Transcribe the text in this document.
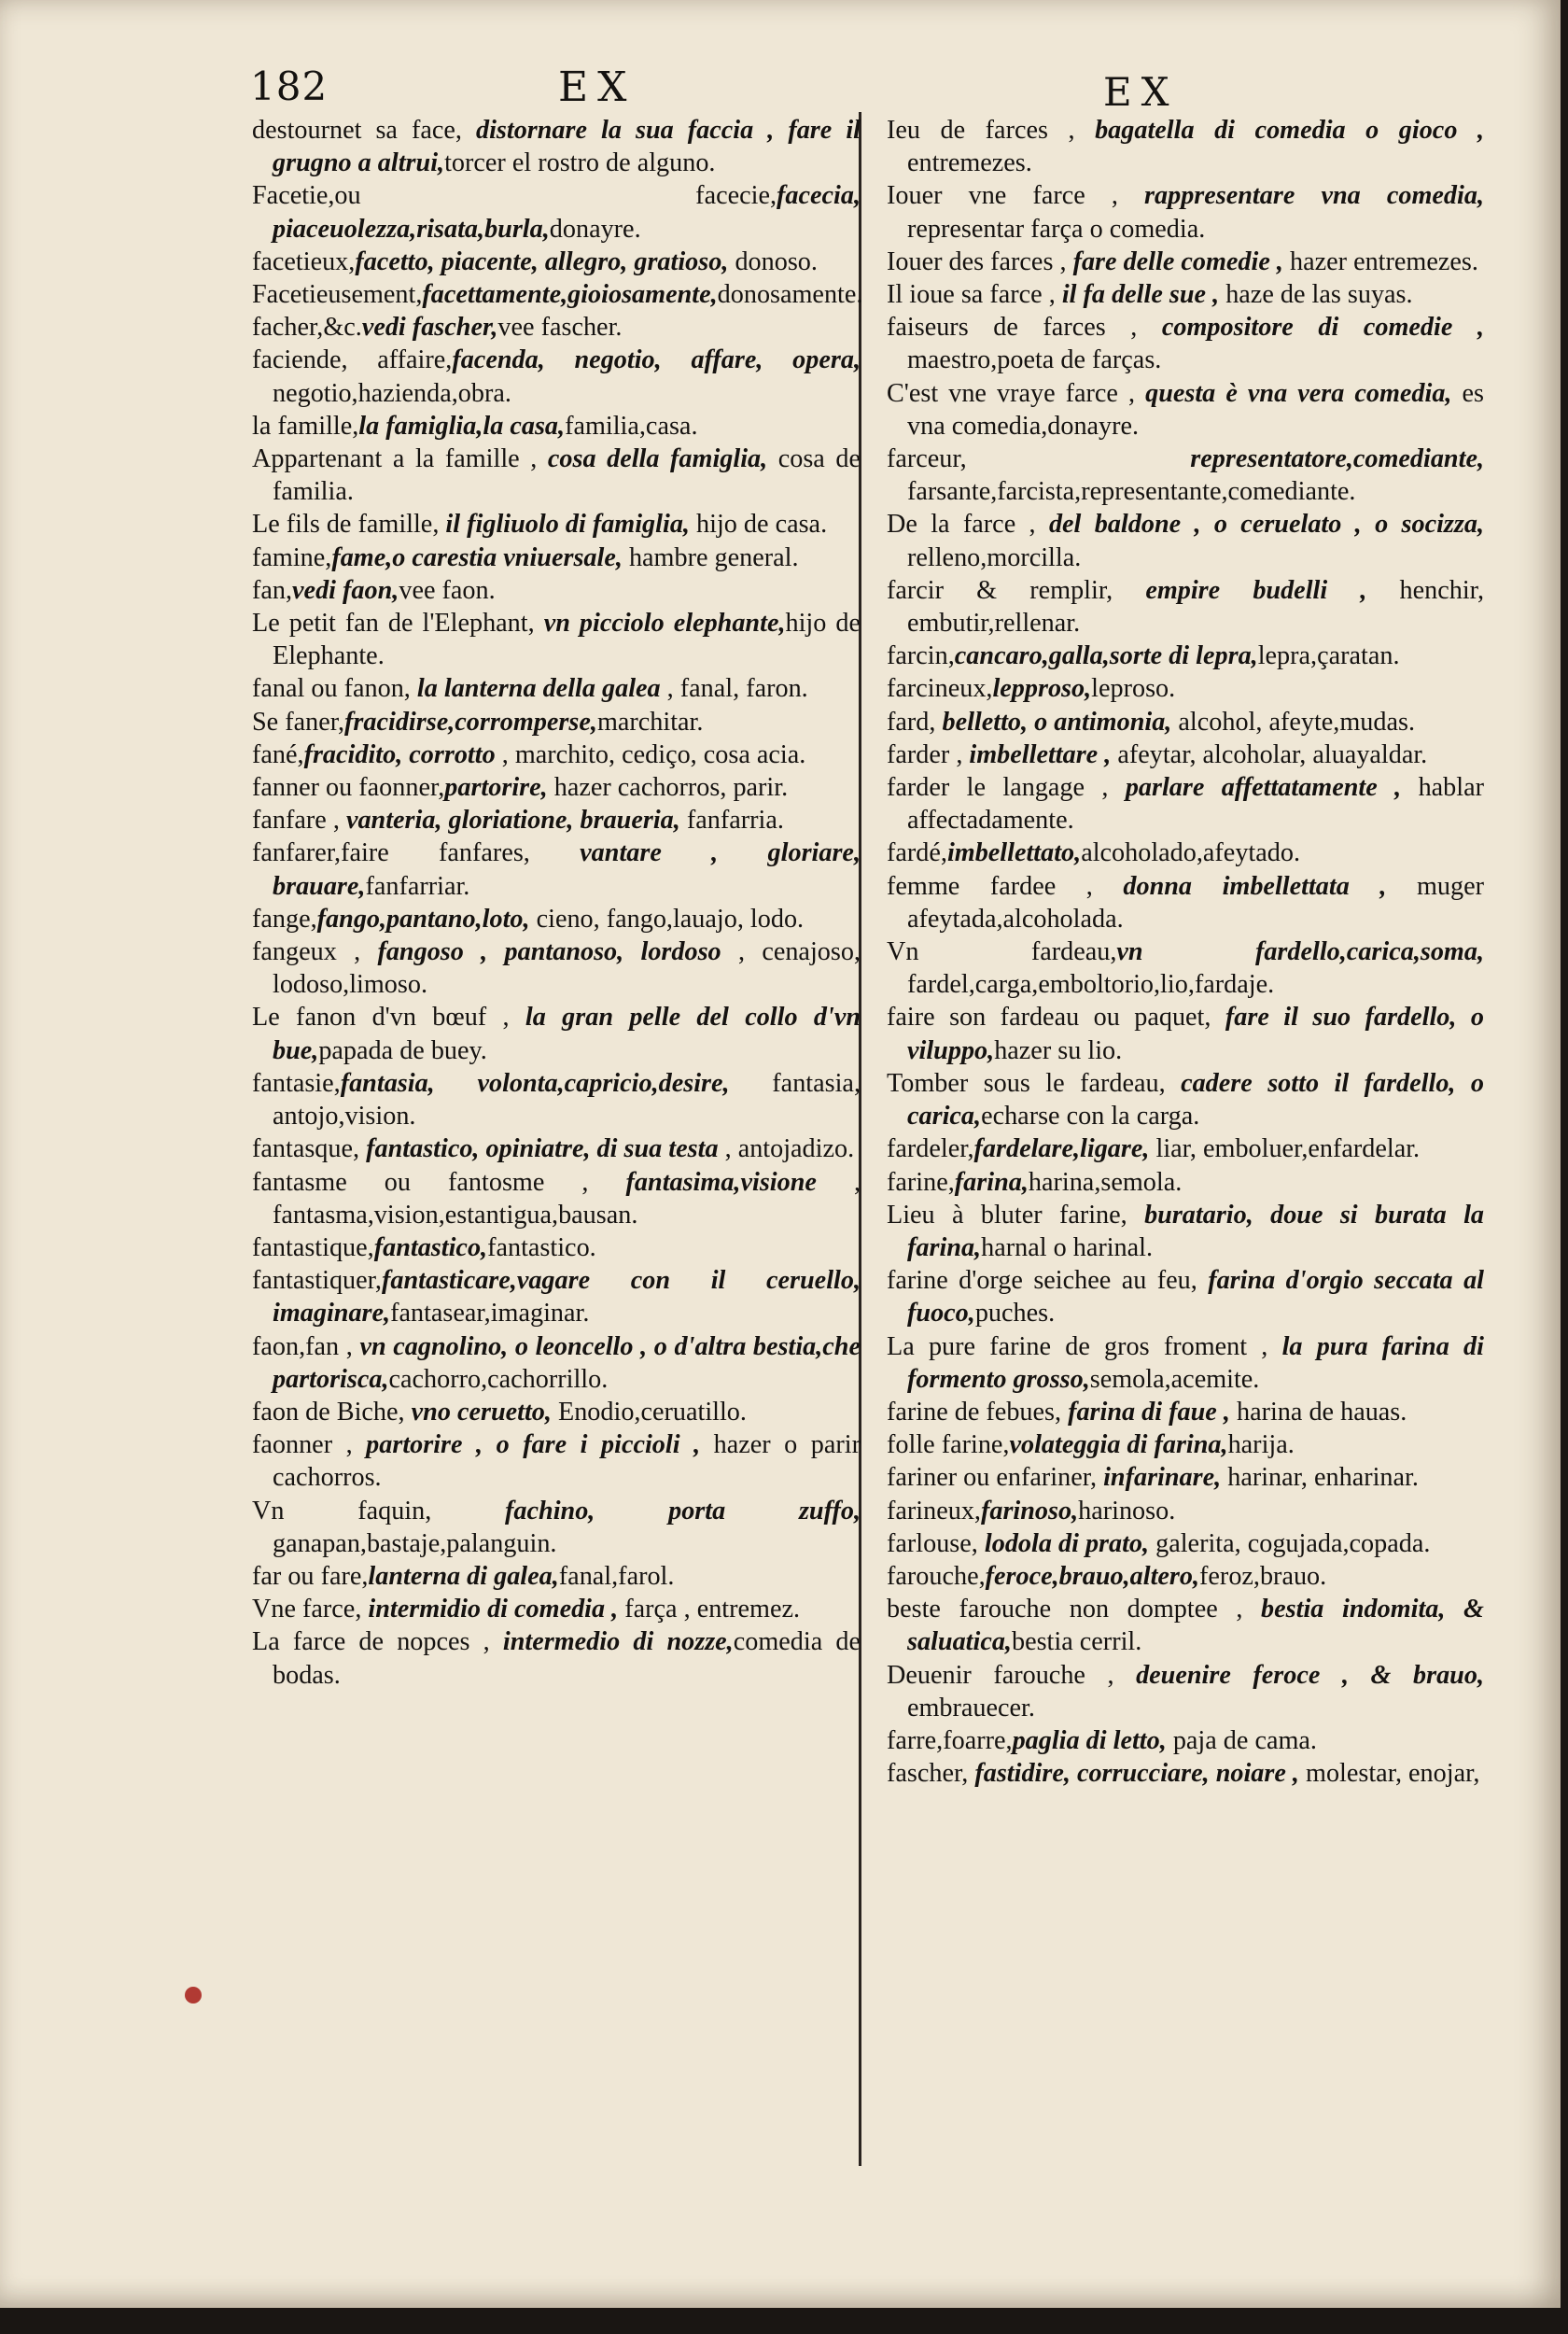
182	EX	EX

destournet sa face, distornare la sua faccia , fare il grugno a altrui,torcer el rostro de alguno.

Facetie,ou facecie,facecia, piaceuolezza,risata,burla,donayre.

facetieux,facetto, piacente, allegro, gratioso, donoso.

Facetieusement,facettamente,gioiosamente,donosamente.

facher,&c.vedi fascher,vee fascher.

faciende, affaire,facenda, negotio, affare, opera, negotio,hazienda,obra.

la famille,la famiglia,la casa,familia,casa.

Appartenant a la famille , cosa della famiglia, cosa de familia.

Le fils de famille, il figliuolo di famiglia, hijo de casa.

famine,fame,o carestia vniuersale, hambre general.

fan,vedi faon,vee faon.

Le petit fan de l'Elephant, vn picciolo elephante,hijo de Elephante.

fanal ou fanon, la lanterna della galea , fanal, faron.

Se faner,fracidirse,corromperse,marchitar.

fané,fracidito, corrotto , marchito, cediço, cosa acia.

fanner ou faonner,partorire, hazer cachorros, parir.

fanfare , vanteria, gloriatione, braueria, fanfarria.

fanfarer,faire fanfares, vantare , gloriare, brauare,fanfarriar.

fange,fango,pantano,loto, cieno, fango,lauajo, lodo.

fangeux , fangoso , pantanoso, lordoso , cenajoso, lodoso,limoso.

Le fanon d'vn bœuf , la gran pelle del collo d'vn bue,papada de buey.

fantasie,fantasia, volonta,capricio,desire, fantasia, antojo,vision.

fantasque, fantastico, opiniatre, di sua testa , antojadizo.

fantasme ou fantosme , fantasima,visione , fantasma,vision,estantigua,bausan.

fantastique,fantastico,fantastico.

fantastiquer,fantasticare,vagare con il ceruello, imaginare,fantasear,imaginar.

faon,fan , vn cagnolino, o leoncello , o d'altra bestia,che partorisca,cachorro,cachorrillo.

faon de Biche, vno ceruetto, Enodio,ceruatillo.

faonner , partorire , o fare i piccioli , hazer o parir cachorros.

Vn faquin, fachino, porta zuffo, ganapan,bastaje,palanguin.

far ou fare,lanterna di galea,fanal,farol.

Vne farce, intermidio di comedia , farça , entremez.

La farce de nopces , intermedio di nozze,comedia de bodas.

Ieu de farces , bagatella di comedia o gioco , entremezes.

Iouer vne farce , rappresentare vna comedia, representar farça o comedia.

Iouer des farces , fare delle comedie , hazer entremezes.

Il ioue sa farce , il fa delle sue , haze de las suyas.

faiseurs de farces , compositore di comedie , maestro,poeta de farças.

C'est vne vraye farce , questa è vna vera comedia, es vna comedia,donayre.

farceur, representatore,comediante, farsante,farcista,representante,comediante.

De la farce , del baldone , o ceruelato , o socizza, relleno,morcilla.

farcir & remplir, empire budelli , henchir, embutir,rellenar.

farcin,cancaro,galla,sorte di lepra,lepra,çaratan.

farcineux,lepproso,leproso.

fard, belletto, o antimonia, alcohol, afeyte,mudas.

farder , imbellettare , afeytar, alcoholar, aluayaldar.

farder le langage , parlare affettatamente , hablar affectadamente.

fardé,imbellettato,alcoholado,afeytado.

femme fardee , donna imbellettata , muger afeytada,alcoholada.

Vn fardeau,vn fardello,carica,soma, fardel,carga,emboltorio,lio,fardaje.

faire son fardeau ou paquet, fare il suo fardello, o viluppo,hazer su lio.

Tomber sous le fardeau, cadere sotto il fardello, o carica,echarse con la carga.

fardeler,fardelare,ligare, liar, emboluer,enfardelar.

farine,farina,harina,semola.

Lieu à bluter farine, buratario, doue si burata la farina,harnal o harinal.

farine d'orge seichee au feu, farina d'orgio seccata al fuoco,puches.

La pure farine de gros froment , la pura farina di formento grosso,semola,acemite.

farine de febues, farina di faue , harina de hauas.

folle farine,volateggia di farina,harija.

fariner ou enfariner, infarinare, harinar, enharinar.

farineux,farinoso,harinoso.

farlouse, lodola di prato, galerita, cogujada,copada.

farouche,feroce,brauo,altero,feroz,brauo.

beste farouche non domptee , bestia indomita, & saluatica,bestia cerril.

Deuenir farouche , deuenire feroce , & brauo, embrauecer.

farre,foarre,paglia di letto, paja de cama.

fascher, fastidire, corrucciare, noiare , molestar, enojar,
